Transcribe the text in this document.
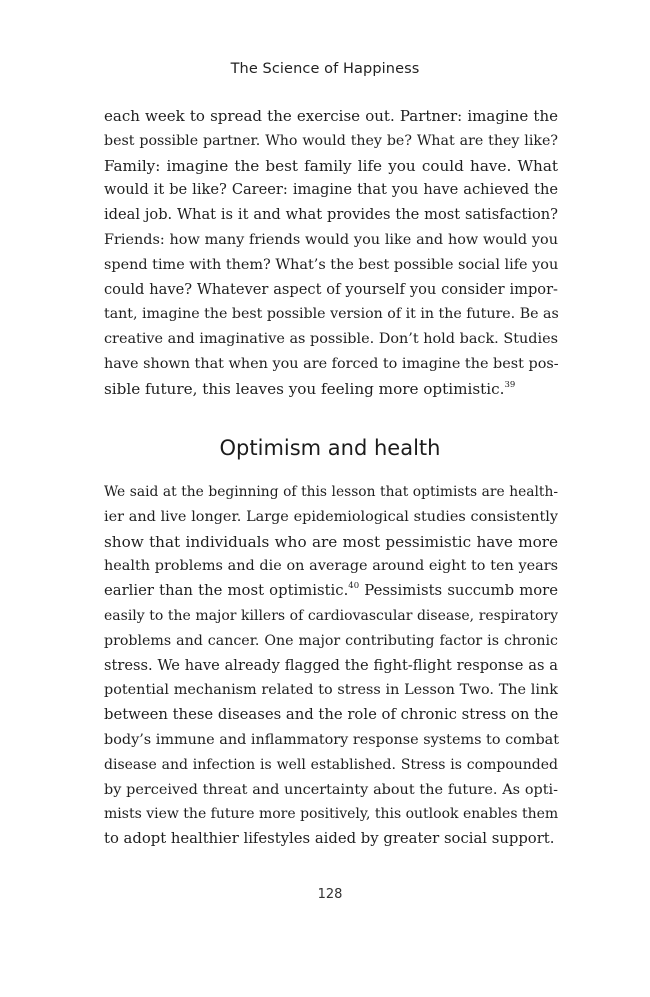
The Science of Happiness
each week to spread the exercise out. Partner: imagine the
best possible partner. Who would they be? What are they like?
Family: imagine the best family life you could have. What
would it be like? Career: imagine that you have achieved the
ideal job. What is it and what provides the most satisfaction?
Friends: how many friends would you like and how would you
spend time with them? What’s the best possible social life you
could have? Whatever aspect of yourself you consider impor-
tant, imagine the best possible version of it in the future. Be as
creative and imaginative as possible. Don’t hold back. Studies
have shown that when you are forced to imagine the best pos-
sible future, this leaves you feeling more optimistic.$^{39}$
Optimism and health
We said at the beginning of this lesson that optimists are health-
ier and live longer. Large epidemiological studies consistently
show that individuals who are most pessimistic have more
health problems and die on average around eight to ten years
earlier than the most optimistic.$^{40}$ Pessimists succumb more
easily to the major killers of cardiovascular disease, respiratory
problems and cancer. One major contributing factor is chronic
stress. We have already flagged the fight-flight response as a
potential mechanism related to stress in Lesson Two. The link
between these diseases and the role of chronic stress on the
body’s immune and inflammatory response systems to combat
disease and infection is well established. Stress is compounded
by perceived threat and uncertainty about the future. As opti-
mists view the future more positively, this outlook enables them
to adopt healthier lifestyles aided by greater social support.
128
